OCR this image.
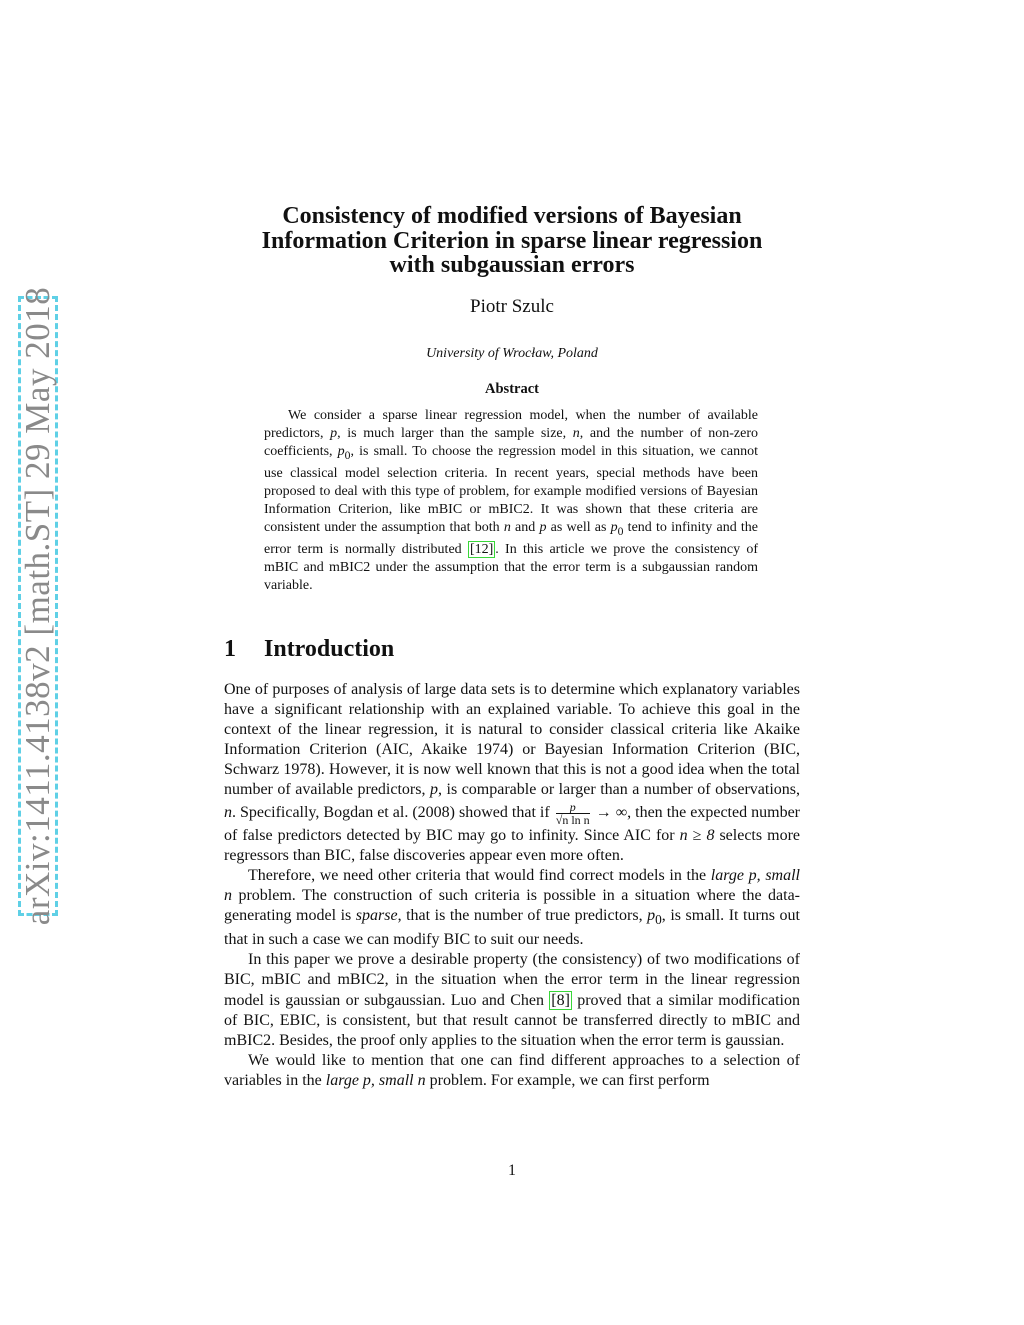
arXiv:1411.4138v2 [math.ST] 29 May 2018
Consistency of modified versions of Bayesian
Information Criterion in sparse linear regression
with subgaussian errors
Piotr Szulc
University of Wrocław, Poland
Abstract
We consider a sparse linear regression model, when the number of available predictors, p, is much larger than the sample size, n, and the number of non-zero coefficients, $p_0$, is small. To choose the regression model in this situation, we cannot use classical model selection criteria. In recent years, special methods have been proposed to deal with this type of problem, for example modified versions of Bayesian Information Criterion, like mBIC or mBIC2. It was shown that these criteria are consistent under the assumption that both n and p as well as $p_0$ tend to infinity and the error term is normally distributed [12] . In this article we prove the consistency of mBIC and mBIC2 under the assumption that the error term is a subgaussian random variable.
1 Introduction

One of purposes of analysis of large data sets is to determine which explanatory variables have a significant relationship with an explained variable. To achieve this goal in the context of the linear regression, it is natural to consider classical criteria like Akaike Information Criterion (AIC, Akaike 1974) or Bayesian Information Criterion (BIC, Schwarz 1978). However, it is now well known that this is not a good idea when the total number of available predictors, p, is comparable or larger than a number of observations, n. Specifically, Bogdan et al. (2008) showed that if $\frac{p}{\text{√n ln n}}$ → ∞, then the expected number of false predictors detected by BIC may go to infinity. Since AIC for n ≥ 8 selects more regressors than BIC, false discoveries appear even more often.

Therefore, we need other criteria that would find correct models in the large p, small n problem. The construction of such criteria is possible in a situation where the data-generating model is sparse, that is the number of true predictors, $p_0$, is small. It turns out that in such a case we can modify BIC to suit our needs.

In this paper we prove a desirable property (the consistency) of two modifications of BIC, mBIC and mBIC2, in the situation when the error term in the linear regression model is gaussian or subgaussian. Luo and Chen [8] proved that a similar modification of BIC, EBIC, is consistent, but that result cannot be transferred directly to mBIC and mBIC2. Besides, the proof only applies to the situation when the error term is gaussian.

We would like to mention that one can find different approaches to a selection of variables in the large p, small n problem. For example, we can first perform

1
